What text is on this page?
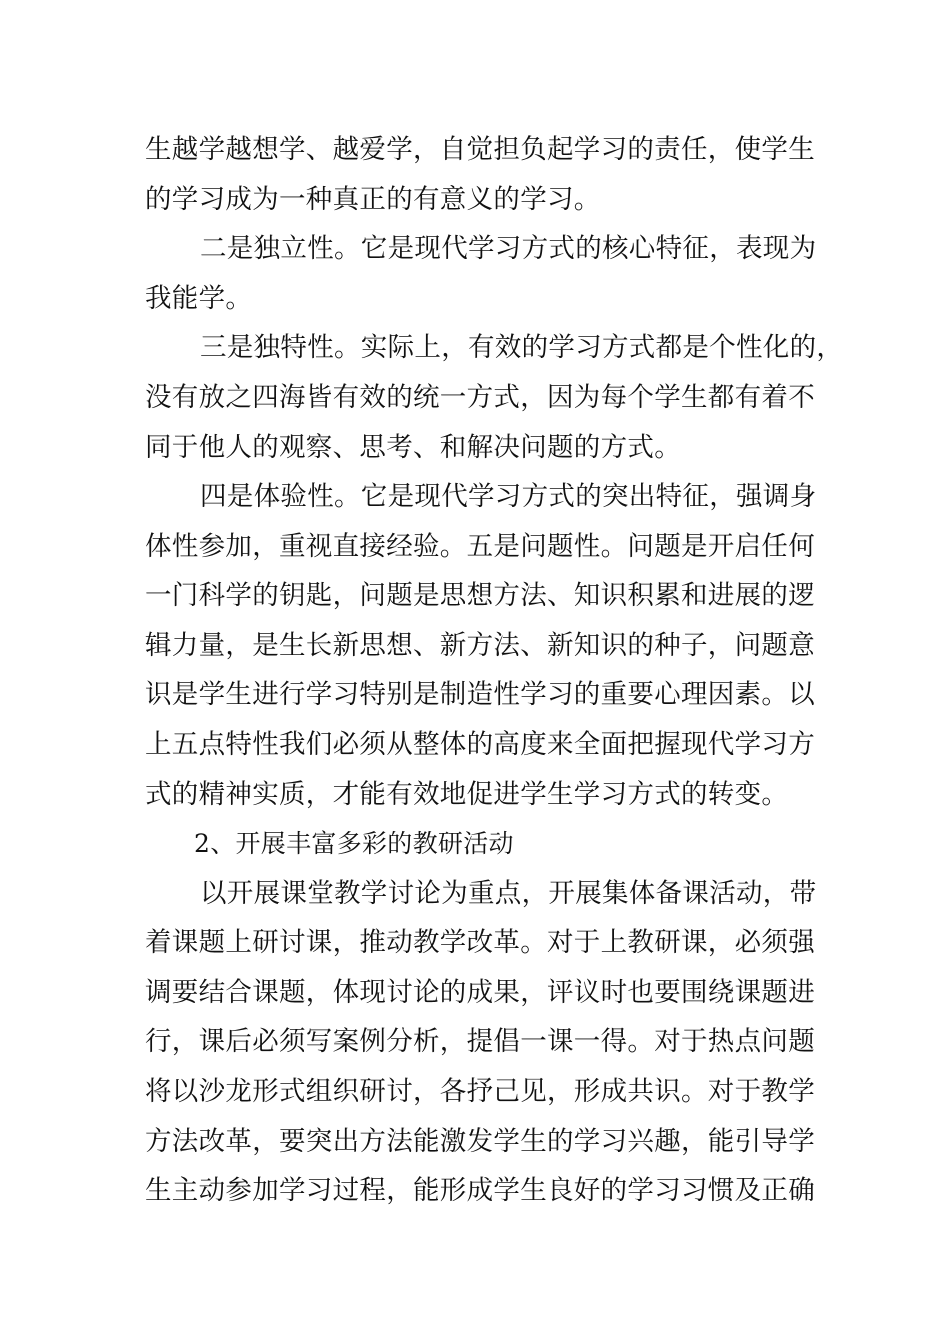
生越学越想学、越爱学，自觉担负起学习的责任，使学生
的学习成为一种真正的有意义的学习。
二是独立性。它是现代学习方式的核心特征，表现为
我能学。
三是独特性。实际上，有效的学习方式都是个性化的，
没有放之四海皆有效的统一方式，因为每个学生都有着不
同于他人的观察、思考、和解决问题的方式。
四是体验性。它是现代学习方式的突出特征，强调身
体性参加，重视直接经验。五是问题性。问题是开启任何
一门科学的钥匙，问题是思想方法、知识积累和进展的逻
辑力量，是生长新思想、新方法、新知识的种子，问题意
识是学生进行学习特别是制造性学习的重要心理因素。以
上五点特性我们必须从整体的高度来全面把握现代学习方
式的精神实质，才能有效地促进学生学习方式的转变。
2、开展丰富多彩的教研活动
以开展课堂教学讨论为重点，开展集体备课活动，带
着课题上研讨课，推动教学改革。对于上教研课，必须强
调要结合课题，体现讨论的成果，评议时也要围绕课题进
行，课后必须写案例分析，提倡一课一得。对于热点问题
将以沙龙形式组织研讨，各抒己见，形成共识。对于教学
方法改革，要突出方法能激发学生的学习兴趣，能引导学
生主动参加学习过程，能形成学生良好的学习习惯及正确
